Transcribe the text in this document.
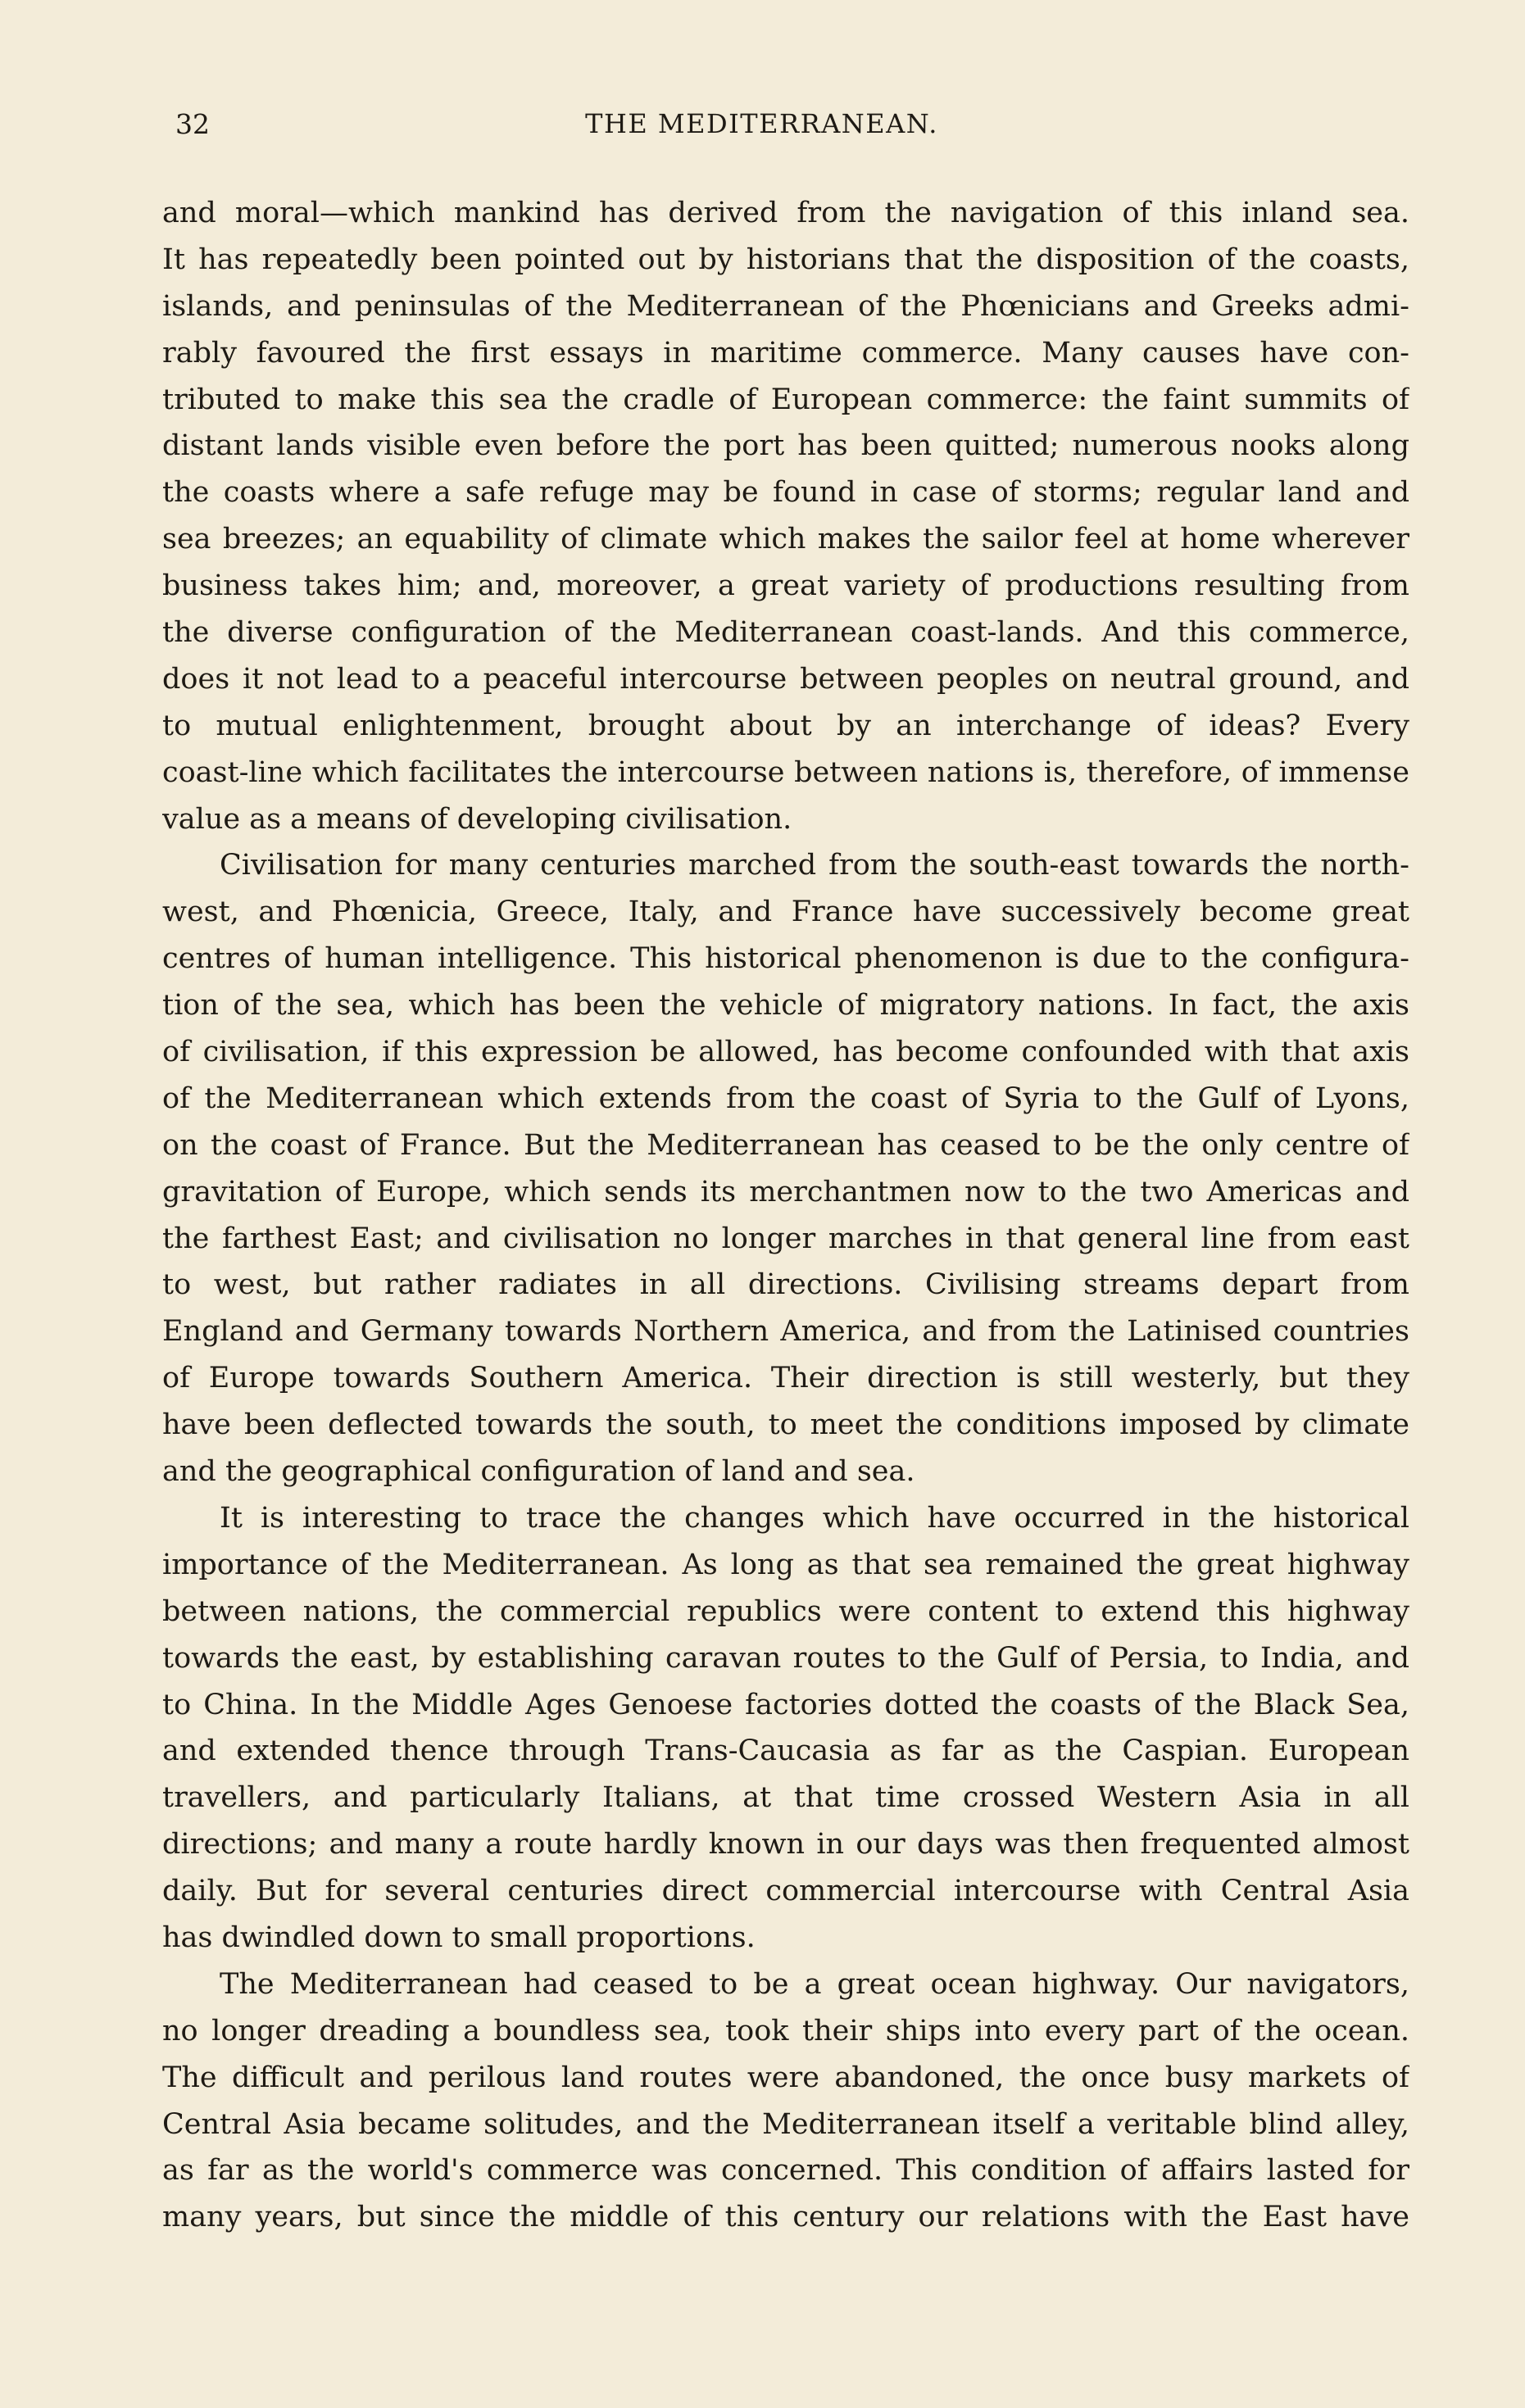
32	THE MEDITERRANEAN.
and moral—which mankind has derived from the navigation of this inland sea.
It has repeatedly been pointed out by historians that the disposition of the coasts,
islands, and peninsulas of the Mediterranean of the Phœnicians and Greeks admi-
rably favoured the first essays in maritime commerce. Many causes have con-
tributed to make this sea the cradle of European commerce: the faint summits of
distant lands visible even before the port has been quitted; numerous nooks along
the coasts where a safe refuge may be found in case of storms; regular land and
sea breezes; an equability of climate which makes the sailor feel at home wherever
business takes him; and, moreover, a great variety of productions resulting from
the diverse configuration of the Mediterranean coast-lands. And this commerce,
does it not lead to a peaceful intercourse between peoples on neutral ground, and
to mutual enlightenment, brought about by an interchange of ideas? Every
coast-line which facilitates the intercourse between nations is, therefore, of immense
value as a means of developing civilisation.
Civilisation for many centuries marched from the south-east towards the north-
west, and Phœnicia, Greece, Italy, and France have successively become great
centres of human intelligence. This historical phenomenon is due to the configura-
tion of the sea, which has been the vehicle of migratory nations. In fact, the axis
of civilisation, if this expression be allowed, has become confounded with that axis
of the Mediterranean which extends from the coast of Syria to the Gulf of Lyons,
on the coast of France. But the Mediterranean has ceased to be the only centre of
gravitation of Europe, which sends its merchantmen now to the two Americas and
the farthest East; and civilisation no longer marches in that general line from east
to west, but rather radiates in all directions. Civilising streams depart from
England and Germany towards Northern America, and from the Latinised countries
of Europe towards Southern America. Their direction is still westerly, but they
have been deflected towards the south, to meet the conditions imposed by climate
and the geographical configuration of land and sea.
It is interesting to trace the changes which have occurred in the historical
importance of the Mediterranean. As long as that sea remained the great highway
between nations, the commercial republics were content to extend this highway
towards the east, by establishing caravan routes to the Gulf of Persia, to India, and
to China. In the Middle Ages Genoese factories dotted the coasts of the Black Sea,
and extended thence through Trans-Caucasia as far as the Caspian. European
travellers, and particularly Italians, at that time crossed Western Asia in all
directions; and many a route hardly known in our days was then frequented almost
daily. But for several centuries direct commercial intercourse with Central Asia
has dwindled down to small proportions.
The Mediterranean had ceased to be a great ocean highway. Our navigators,
no longer dreading a boundless sea, took their ships into every part of the ocean.
The difficult and perilous land routes were abandoned, the once busy markets of
Central Asia became solitudes, and the Mediterranean itself a veritable blind alley,
as far as the world's commerce was concerned. This condition of affairs lasted for
many years, but since the middle of this century our relations with the East have
